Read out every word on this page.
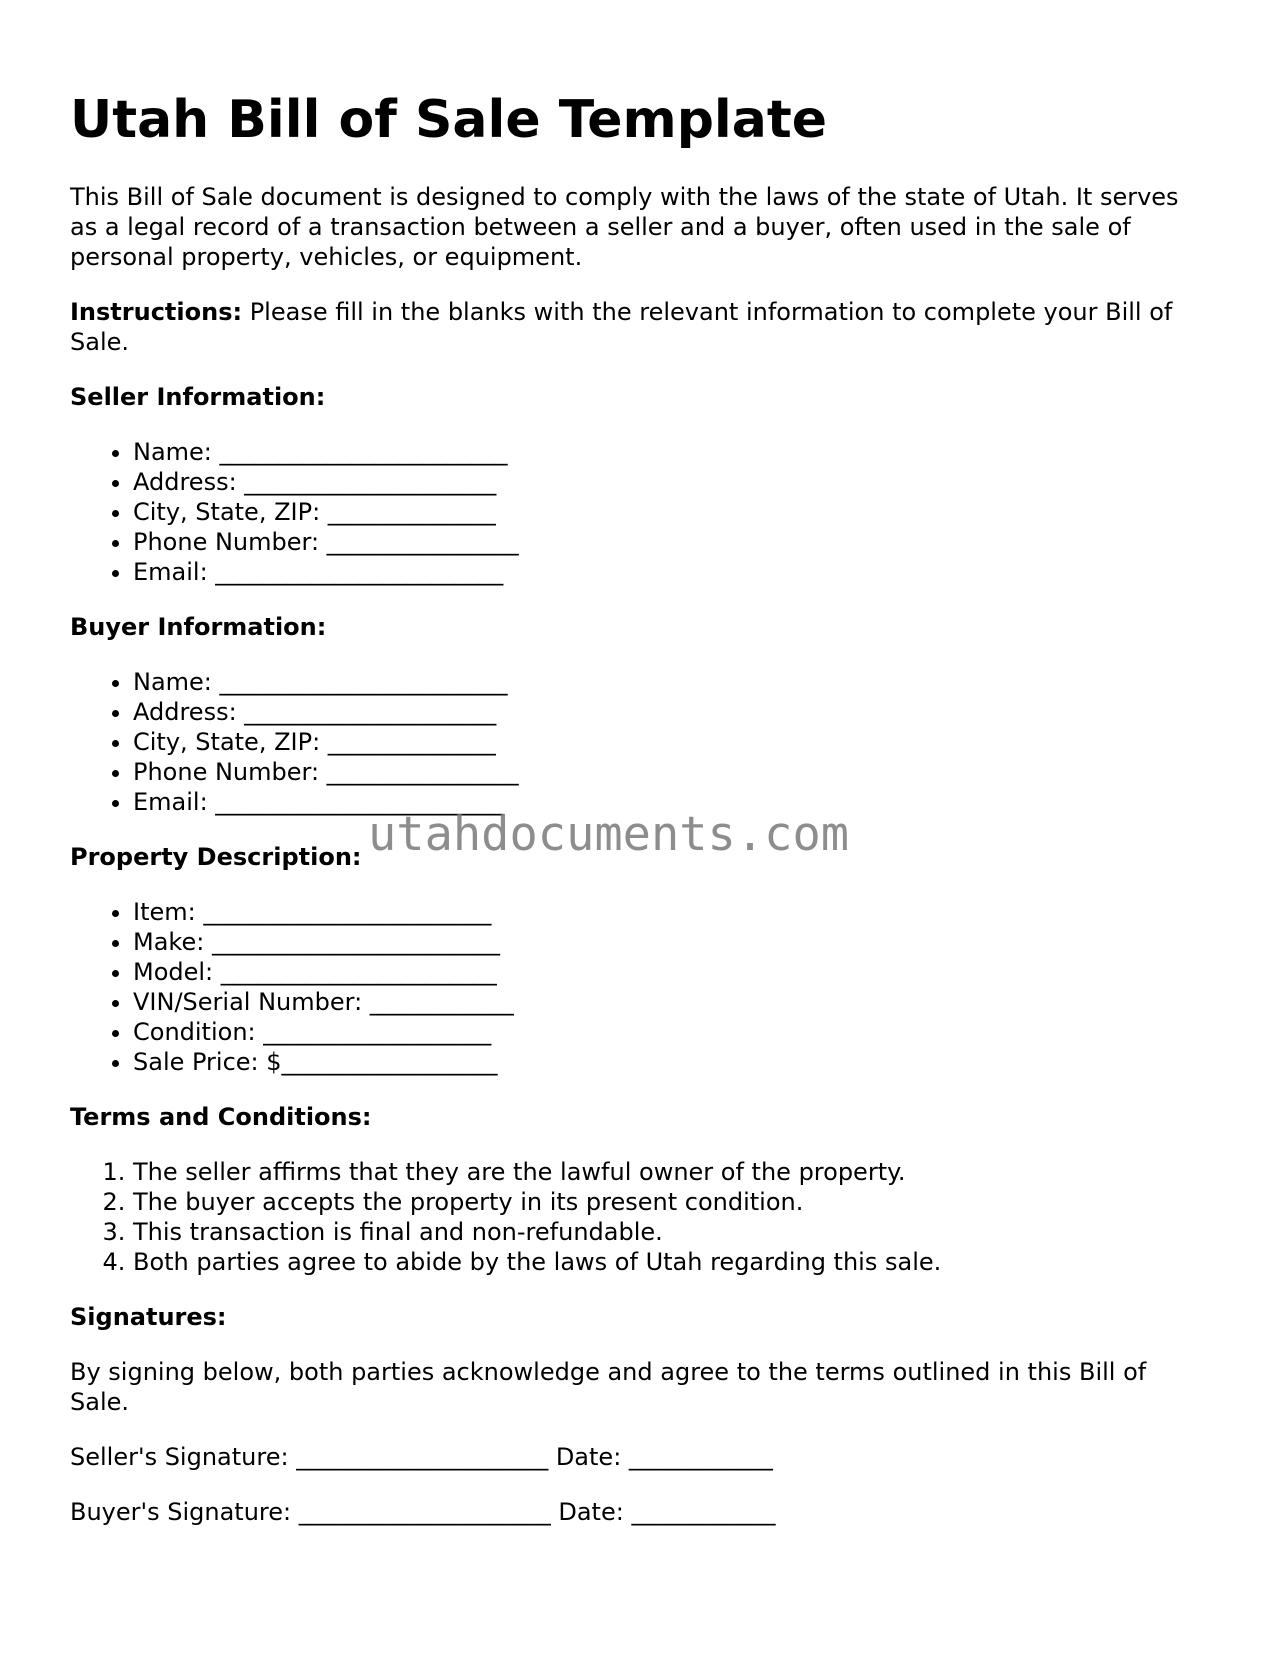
Utah Bill of Sale Template

This Bill of Sale document is designed to comply with the laws of the state of Utah. It serves as a legal record of a transaction between a seller and a buyer, often used in the sale of personal property, vehicles, or equipment.

Instructions: Please fill in the blanks with the relevant information to complete your Bill of Sale.

Seller Information:
• Name: ________________________
• Address: _____________________
• City, State, ZIP: ______________
• Phone Number: ________________
• Email: ________________________
Buyer Information:
• Name: ________________________
• Address: _____________________
• City, State, ZIP: ______________
• Phone Number: ________________
• Email: ________________________
Property Description:
• Item: ________________________
• Make: ________________________
• Model: _______________________
• VIN/Serial Number: ____________
• Condition: ___________________
• Sale Price: $__________________
Terms and Conditions:
1. The seller affirms that they are the lawful owner of the property.
2. The buyer accepts the property in its present condition.
3. This transaction is final and non-refundable.
4. Both parties agree to abide by the laws of Utah regarding this sale.
Signatures:

By signing below, both parties acknowledge and agree to the terms outlined in this Bill of Sale.

Seller's Signature: _____________________ Date: ____________

Buyer's Signature: _____________________ Date: ____________

utahdocuments.com
